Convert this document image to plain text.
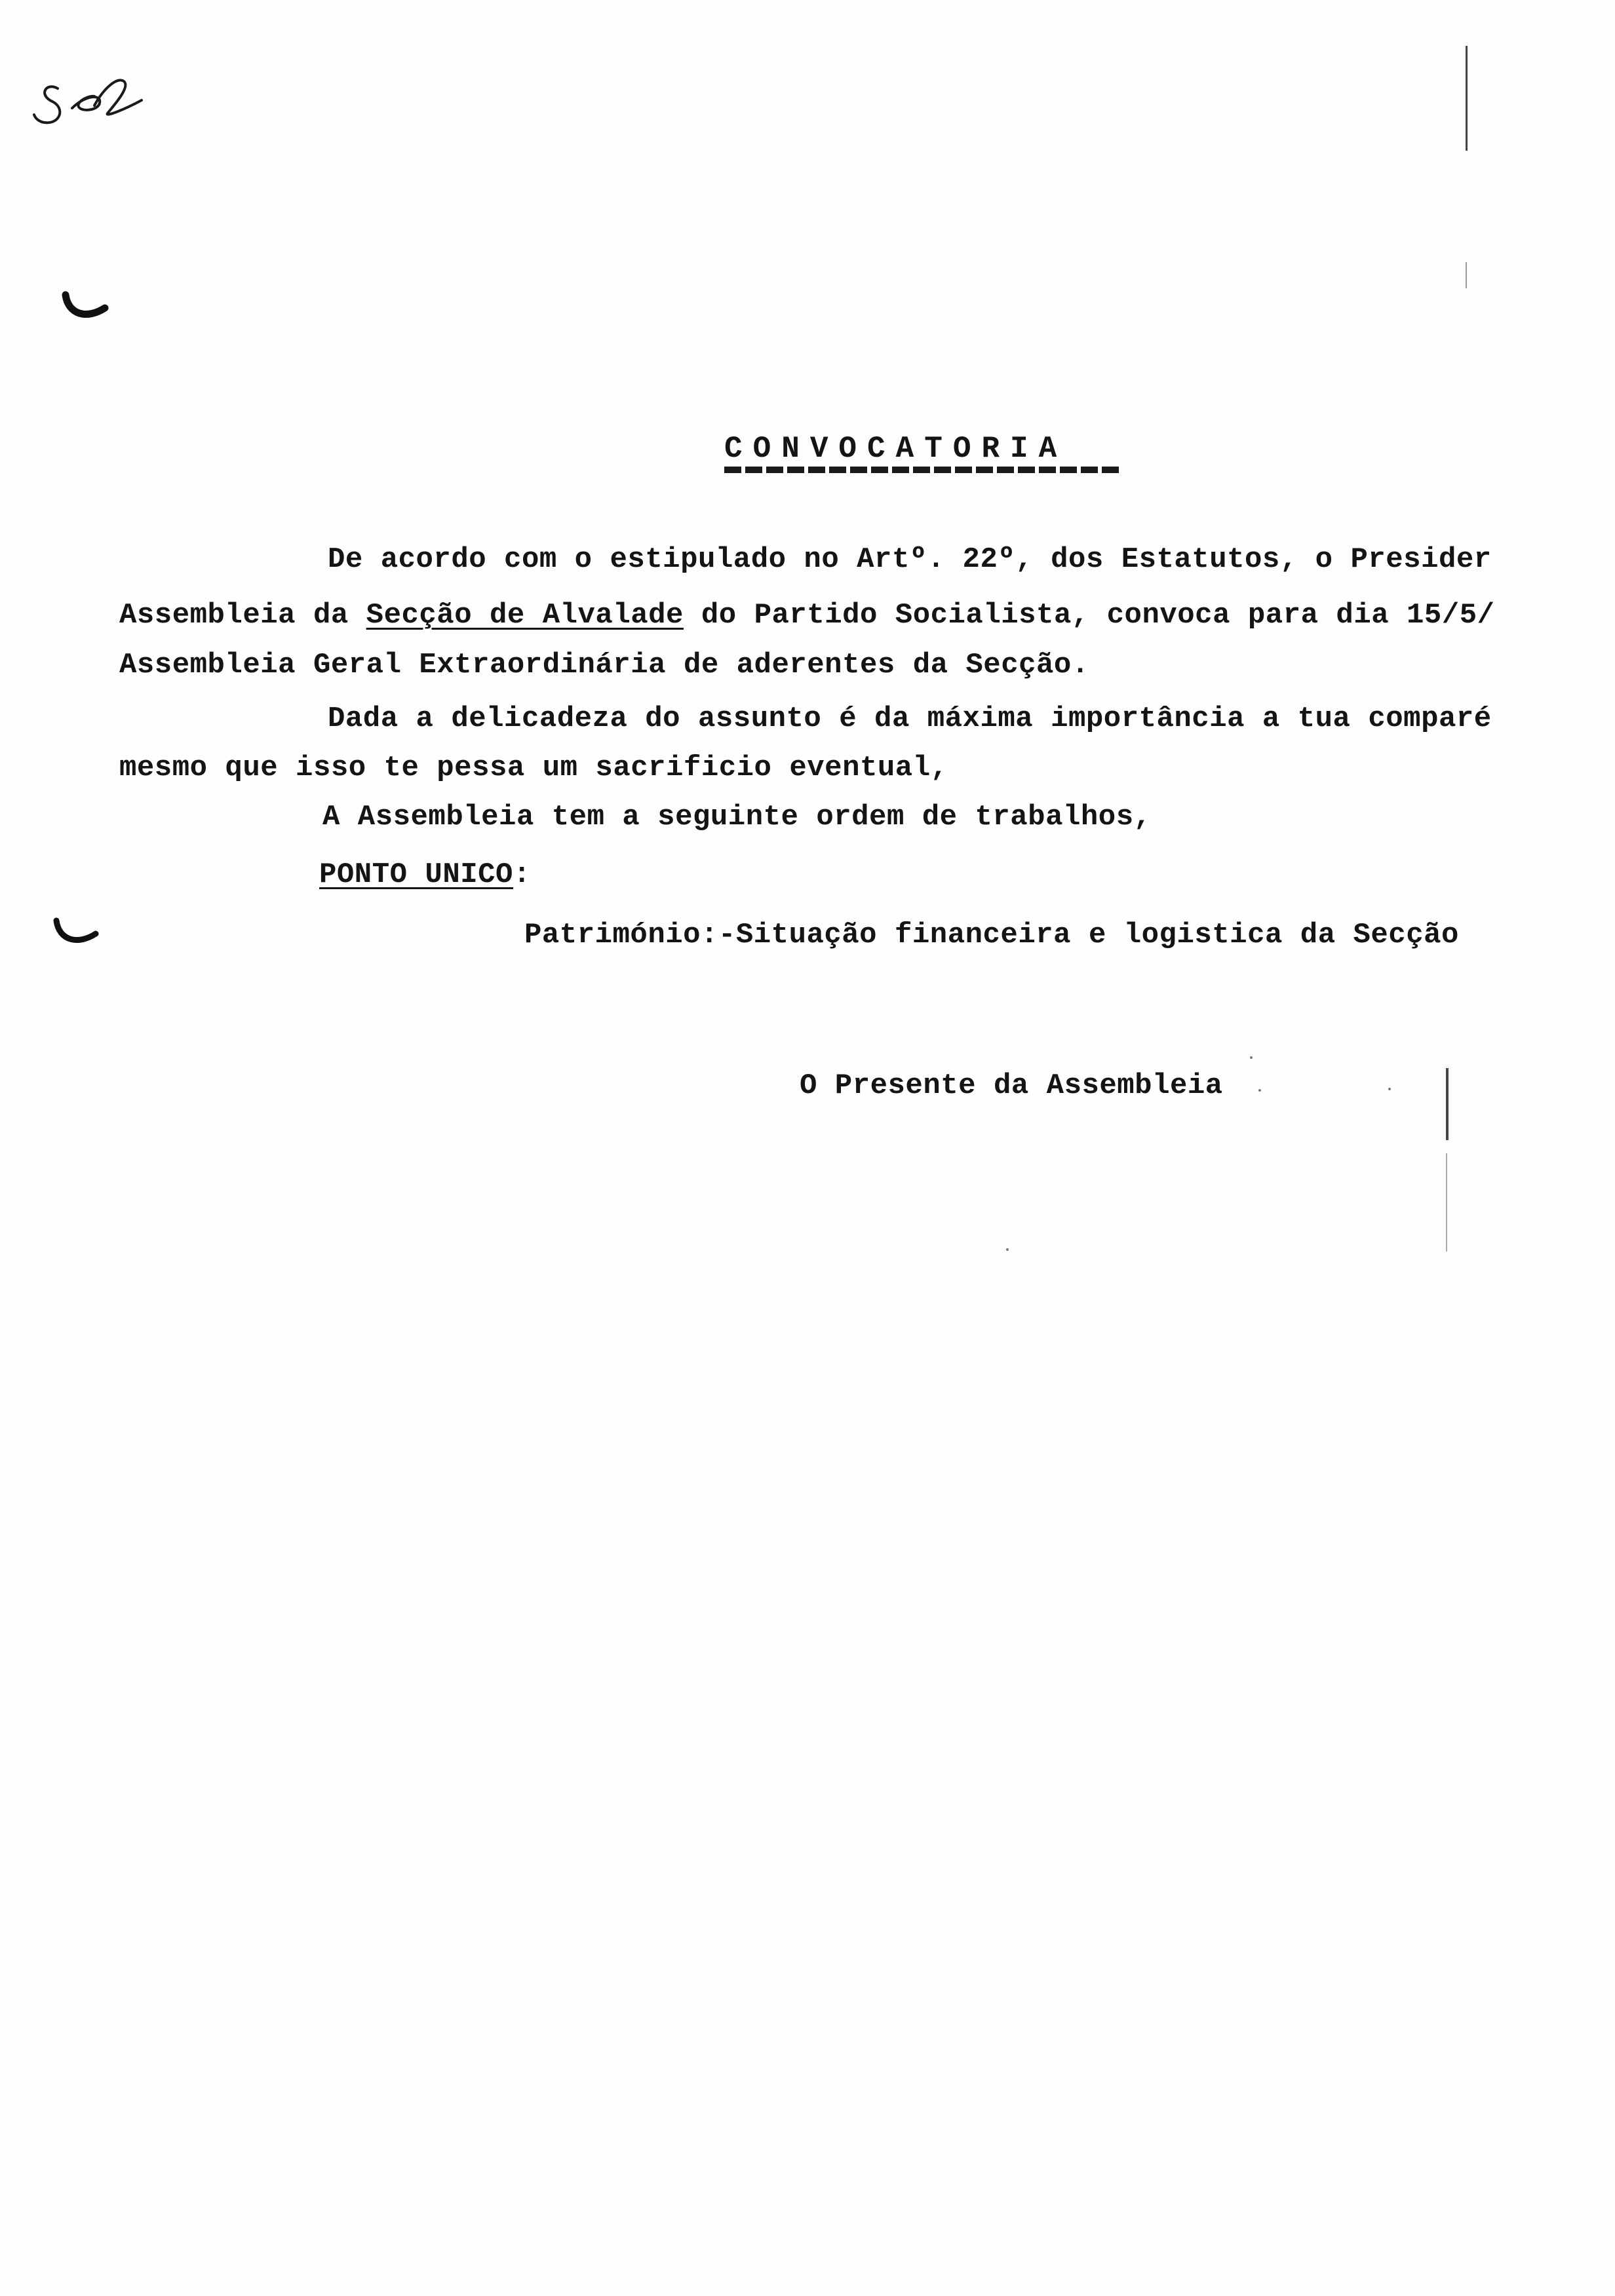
CONVOCATORIA
De acordo com o estipulado no Artº. 22º, dos Estatutos, o Presider
Assembleia da Secção de Alvalade do Partido Socialista, convoca para dia 15/5/
Assembleia Geral Extraordinária de aderentes da Secção.
Dada a delicadeza do assunto é da máxima importância a tua comparé
mesmo que isso te pessa um sacrificio eventual,
A Assembleia tem a seguinte ordem de trabalhos,
PONTO UNICO:
Património:-Situação financeira e logistica da Secção
O Presente da Assembleia
